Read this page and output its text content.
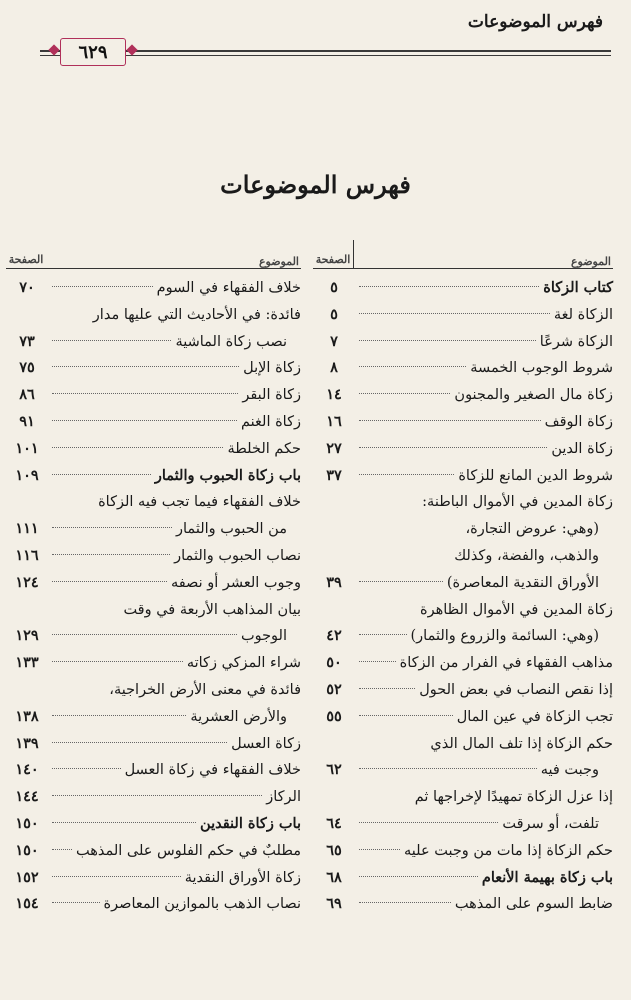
فهرس الموضوعات
٦٢٩
فهرس الموضوعات
الموضوع
الصفحة
كتاب الزكاة
٥
الزكاة لغة
٥
الزكاة شرعًا
٧
شروط الوجوب الخمسة
٨
زكاة مال الصغير والمجنون
١٤
زكاة الوقف
١٦
زكاة الدين
٢٧
شروط الدين المانع للزكاة
٣٧
زكاة المدين في الأموال الباطنة:
(وهي: عروض التجارة،
والذهب، والفضة، وكذلك
الأوراق النقدية المعاصرة)
٣٩
زكاة المدين في الأموال الظاهرة
(وهي: السائمة والزروع والثمار)
٤٢
مذاهب الفقهاء في الفرار من الزكاة
٥٠
إذا نقص النصاب في بعض الحول
٥٢
تجب الزكاة في عين المال
٥٥
حكم الزكاة إذا تلف المال الذي
وجبت فيه
٦٢
إذا عزل الزكاة تمهيدًا لإخراجها ثم
تلفت، أو سرقت
٦٤
حكم الزكاة إذا مات من وجبت عليه
٦٥
باب زكاة بهيمة الأنعام
٦٨
ضابط السوم على المذهب
٦٩
الموضوع
الصفحة
خلاف الفقهاء في السوم
٧٠
فائدة: في الأحاديث التي عليها مدار
نصب زكاة الماشية
٧٣
زكاة الإبل
٧٥
زكاة البقر
٨٦
زكاة الغنم
٩١
حكم الخلطة
١٠١
باب زكاة الحبوب والثمار
١٠٩
خلاف الفقهاء فيما تجب فيه الزكاة
من الحبوب والثمار
١١١
نصاب الحبوب والثمار
١١٦
وجوب العشر أو نصفه
١٢٤
بيان المذاهب الأربعة في وقت
الوجوب
١٢٩
شراء المزكي زكاته
١٣٣
فائدة في معنى الأرض الخراجية،
والأرض العشرية
١٣٨
زكاة العسل
١٣٩
خلاف الفقهاء في زكاة العسل
١٤٠
الركاز
١٤٤
باب زكاة النقدين
١٥٠
مطلبٌ في حكم الفلوس على المذهب
١٥٠
زكاة الأوراق النقدية
١٥٢
نصاب الذهب بالموازين المعاصرة
١٥٤
